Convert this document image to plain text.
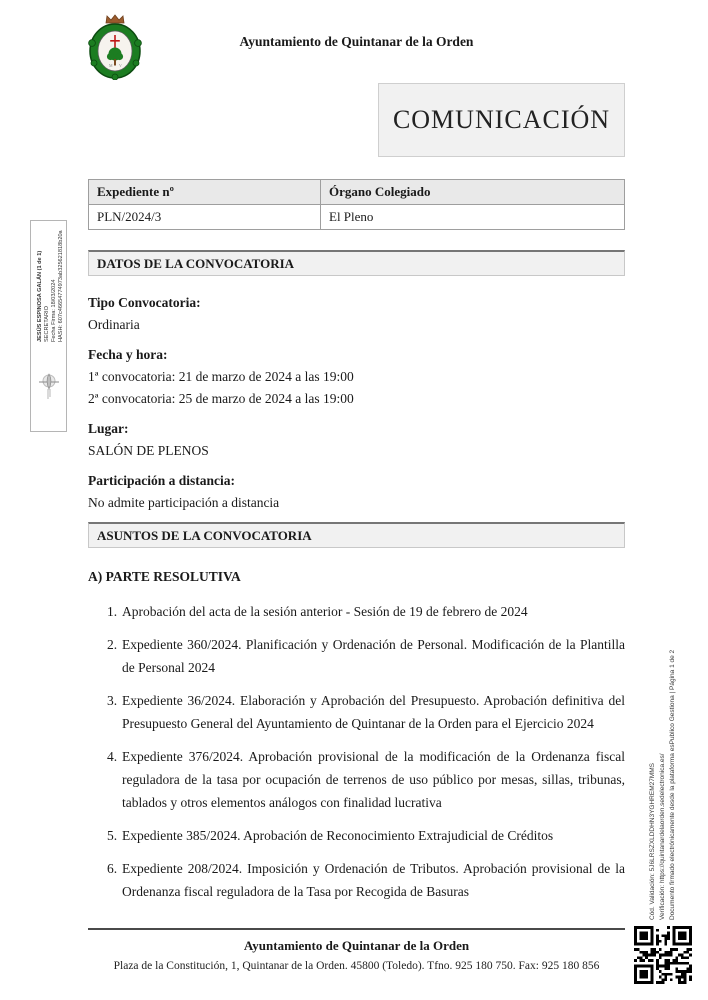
M V
Ayuntamiento de Quintanar de la Orden
COMUNICACIÓN
Expediente nº	Órgano Colegiado
PLN/2024/3	El Pleno
DATOS DE LA CONVOCATORIA
Tipo Convocatoria:
Ordinaria
Fecha y hora:
1ª convocatoria: 21 de marzo de 2024 a las 19:00
2ª convocatoria: 25 de marzo de 2024 a las 19:00
Lugar:
SALÓN DE PLENOS
Participación a distancia:
No admite participación a distancia
ASUNTOS DE LA CONVOCATORIA
A) PARTE RESOLUTIVA
1. Aprobación del acta de la sesión anterior - Sesión de 19 de febrero de 2024
2. Expediente 360/2024. Planificación y Ordenación de Personal. Modificación de la Plantilla de Personal 2024
3. Expediente 36/2024. Elaboración y Aprobación del Presupuesto. Aprobación definitiva del Presupuesto General del Ayuntamiento de Quintanar de la Orden para el Ejercicio 2024
4. Expediente 376/2024. Aprobación provisional de la modificación de la Ordenanza fiscal reguladora de la tasa por ocupación de terrenos de uso público por mesas, sillas, tribunas, tablados y otros elementos análogos con finalidad lucrativa
5. Expediente 385/2024. Aprobación de Reconocimiento Extrajudicial de Créditos
6. Expediente 208/2024. Imposición y Ordenación de Tributos. Aprobación provisional de la Ordenanza fiscal reguladora de la Tasa por Recogida de Basuras
JESÚS ESPINOSA GALÁN (1 de 1) SECRETARIO Fecha Firma: 18/03/2024 HASH: 607c46654774973ab325621818b20a
Cód. Validación: 5J6LRSZXLDDHN3YGHREM27MMS Verificación: https://quintanardelaorden.sedelectronica.es/ Documento firmado electrónicamente desde la plataforma esPublico Gestiona | Página 1 de 2
Ayuntamiento de Quintanar de la Orden
Plaza de la Constitución, 1, Quintanar de la Orden. 45800 (Toledo). Tfno. 925 180 750. Fax: 925 180 856
